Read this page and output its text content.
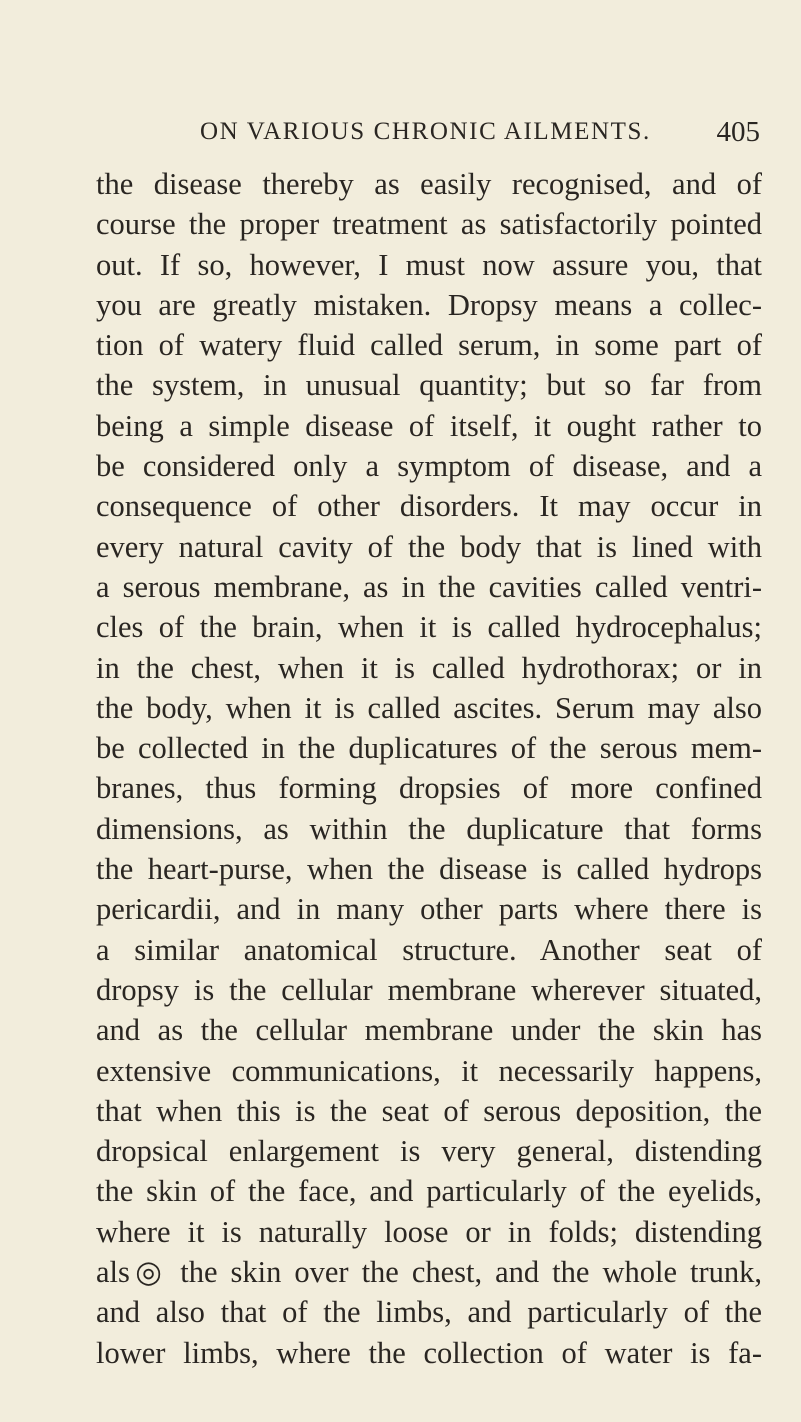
ON VARIOUS CHRONIC AILMENTS. 405
the disease thereby as easily recognised, and of
course the proper treatment as satisfactorily pointed
out. If so, however, I must now assure you, that
you are greatly mistaken. Dropsy means a collec-
tion of watery fluid called serum, in some part of
the system, in unusual quantity; but so far from
being a simple disease of itself, it ought rather to
be considered only a symptom of disease, and a
consequence of other disorders. It may occur in
every natural cavity of the body that is lined with
a serous membrane, as in the cavities called ventri-
cles of the brain, when it is called hydrocephalus;
in the chest, when it is called hydrothorax; or in
the body, when it is called ascites. Serum may also
be collected in the duplicatures of the serous mem-
branes, thus forming dropsies of more confined
dimensions, as within the duplicature that forms
the heart-purse, when the disease is called hydrops
pericardii, and in many other parts where there is
a similar anatomical structure. Another seat of
dropsy is the cellular membrane wherever situated,
and as the cellular membrane under the skin has
extensive communications, it necessarily happens,
that when this is the seat of serous deposition, the
dropsical enlargement is very general, distending
the skin of the face, and particularly of the eyelids,
where it is naturally loose or in folds; distending
als◎ the skin over the chest, and the whole trunk,
and also that of the limbs, and particularly of the
lower limbs, where the collection of water is fa-
